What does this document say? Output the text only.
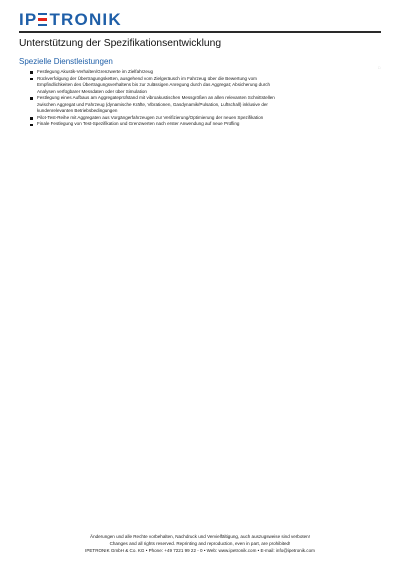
IP TRONIK
Unterstützung der Spezifikationsentwicklung
Spezielle Dienstleistungen
□
Festlegung Akustik-Verhalten/Grenzwerte im Zielfahrzeug
Rückverfolgung der Übertragungsketten, ausgehend vom Zielgeräusch im Fahrzeug über die Bewertung vom Empfindlichkeiten des Übertragungsverhaltens bis zur zulässigen Anregung durch das Aggregat; Absicherung durch Analysen verfügbarer Messdaten oder über Simulation
Festlegung eines Aufbaus am Aggregateprüfstand mit vibroakustischen Messgrößen an allen relevanten Schnittstellen zwischen Aggregat und Fahrzeug (dynamische Kräfte, Vibrationen, Gasdynamik/Pulsation, Luftschall) inklusive der kundenrelevanten Betriebsbedingungen
Pilot-Test-Reihe mit Aggregaten aus Vorgängerfahrzeugen zur Verifizierung/Optimierung der neuen Spezifikation
Finale Festlegung von Test-Spezifikation und Grenzwerten nach erster Anwendung auf neue Prüfling
Änderungen und alle Rechte vorbehalten, Nachdruck und Vervielfältigung, auch auszugsweise sind verboten!
Changes and all rights reserved. Reprinting and reproduction, even in part, are prohibited!
IPETRONIK GmbH & Co. KG • Phone: +49 7221 99 22 - 0 • Web: www.ipetronik.com • E-mail: info@ipetronik.com
